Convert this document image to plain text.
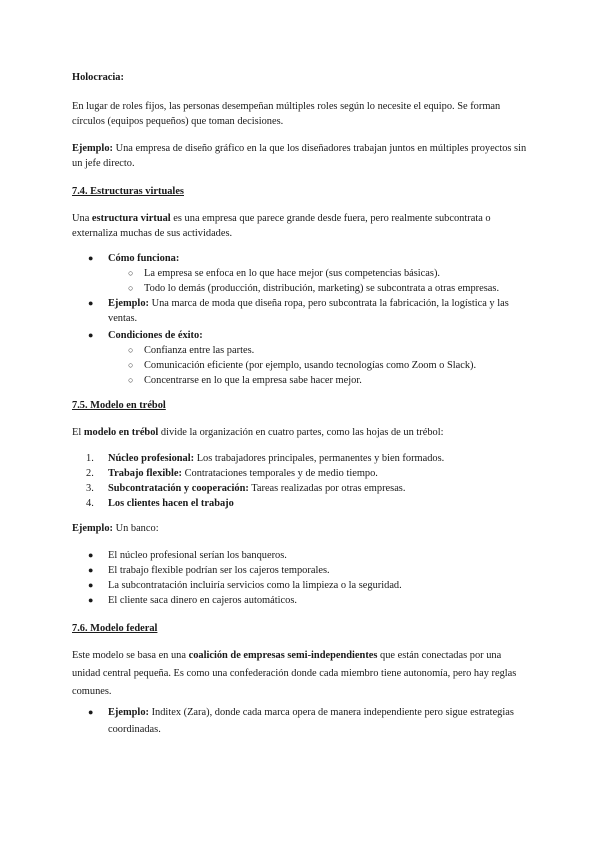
Holocracia:

En lugar de roles fijos, las personas desempeñan múltiples roles según lo necesite el equipo. Se forman círculos (equipos pequeños) que toman decisiones.

Ejemplo: Una empresa de diseño gráfico en la que los diseñadores trabajan juntos en múltiples proyectos sin un jefe directo.

7.4. Estructuras virtuales

Una estructura virtual es una empresa que parece grande desde fuera, pero realmente subcontrata o externaliza muchas de sus actividades.

● Cómo funciona:
○ La empresa se enfoca en lo que hace mejor (sus competencias básicas).
○ Todo lo demás (producción, distribución, marketing) se subcontrata a otras empresas.
● Ejemplo: Una marca de moda que diseña ropa, pero subcontrata la fabricación, la logística y las ventas.
● Condiciones de éxito:
○ Confianza entre las partes.
○ Comunicación eficiente (por ejemplo, usando tecnologías como Zoom o Slack).
○ Concentrarse en lo que la empresa sabe hacer mejor.

7.5. Modelo en trébol

El modelo en trébol divide la organización en cuatro partes, como las hojas de un trébol:

1. Núcleo profesional: Los trabajadores principales, permanentes y bien formados.
2. Trabajo flexible: Contrataciones temporales y de medio tiempo.
3. Subcontratación y cooperación: Tareas realizadas por otras empresas.
4. Los clientes hacen el trabajo

Ejemplo: Un banco:

● El núcleo profesional serían los banqueros.
● El trabajo flexible podrían ser los cajeros temporales.
● La subcontratación incluiría servicios como la limpieza o la seguridad.
● El cliente saca dinero en cajeros automáticos.

7.6. Modelo federal

Este modelo se basa en una coalición de empresas semi-independientes que están conectadas por una unidad central pequeña. Es como una confederación donde cada miembro tiene autonomía, pero hay reglas comunes.

● Ejemplo: Inditex (Zara), donde cada marca opera de manera independiente pero sigue estrategias coordinadas.
